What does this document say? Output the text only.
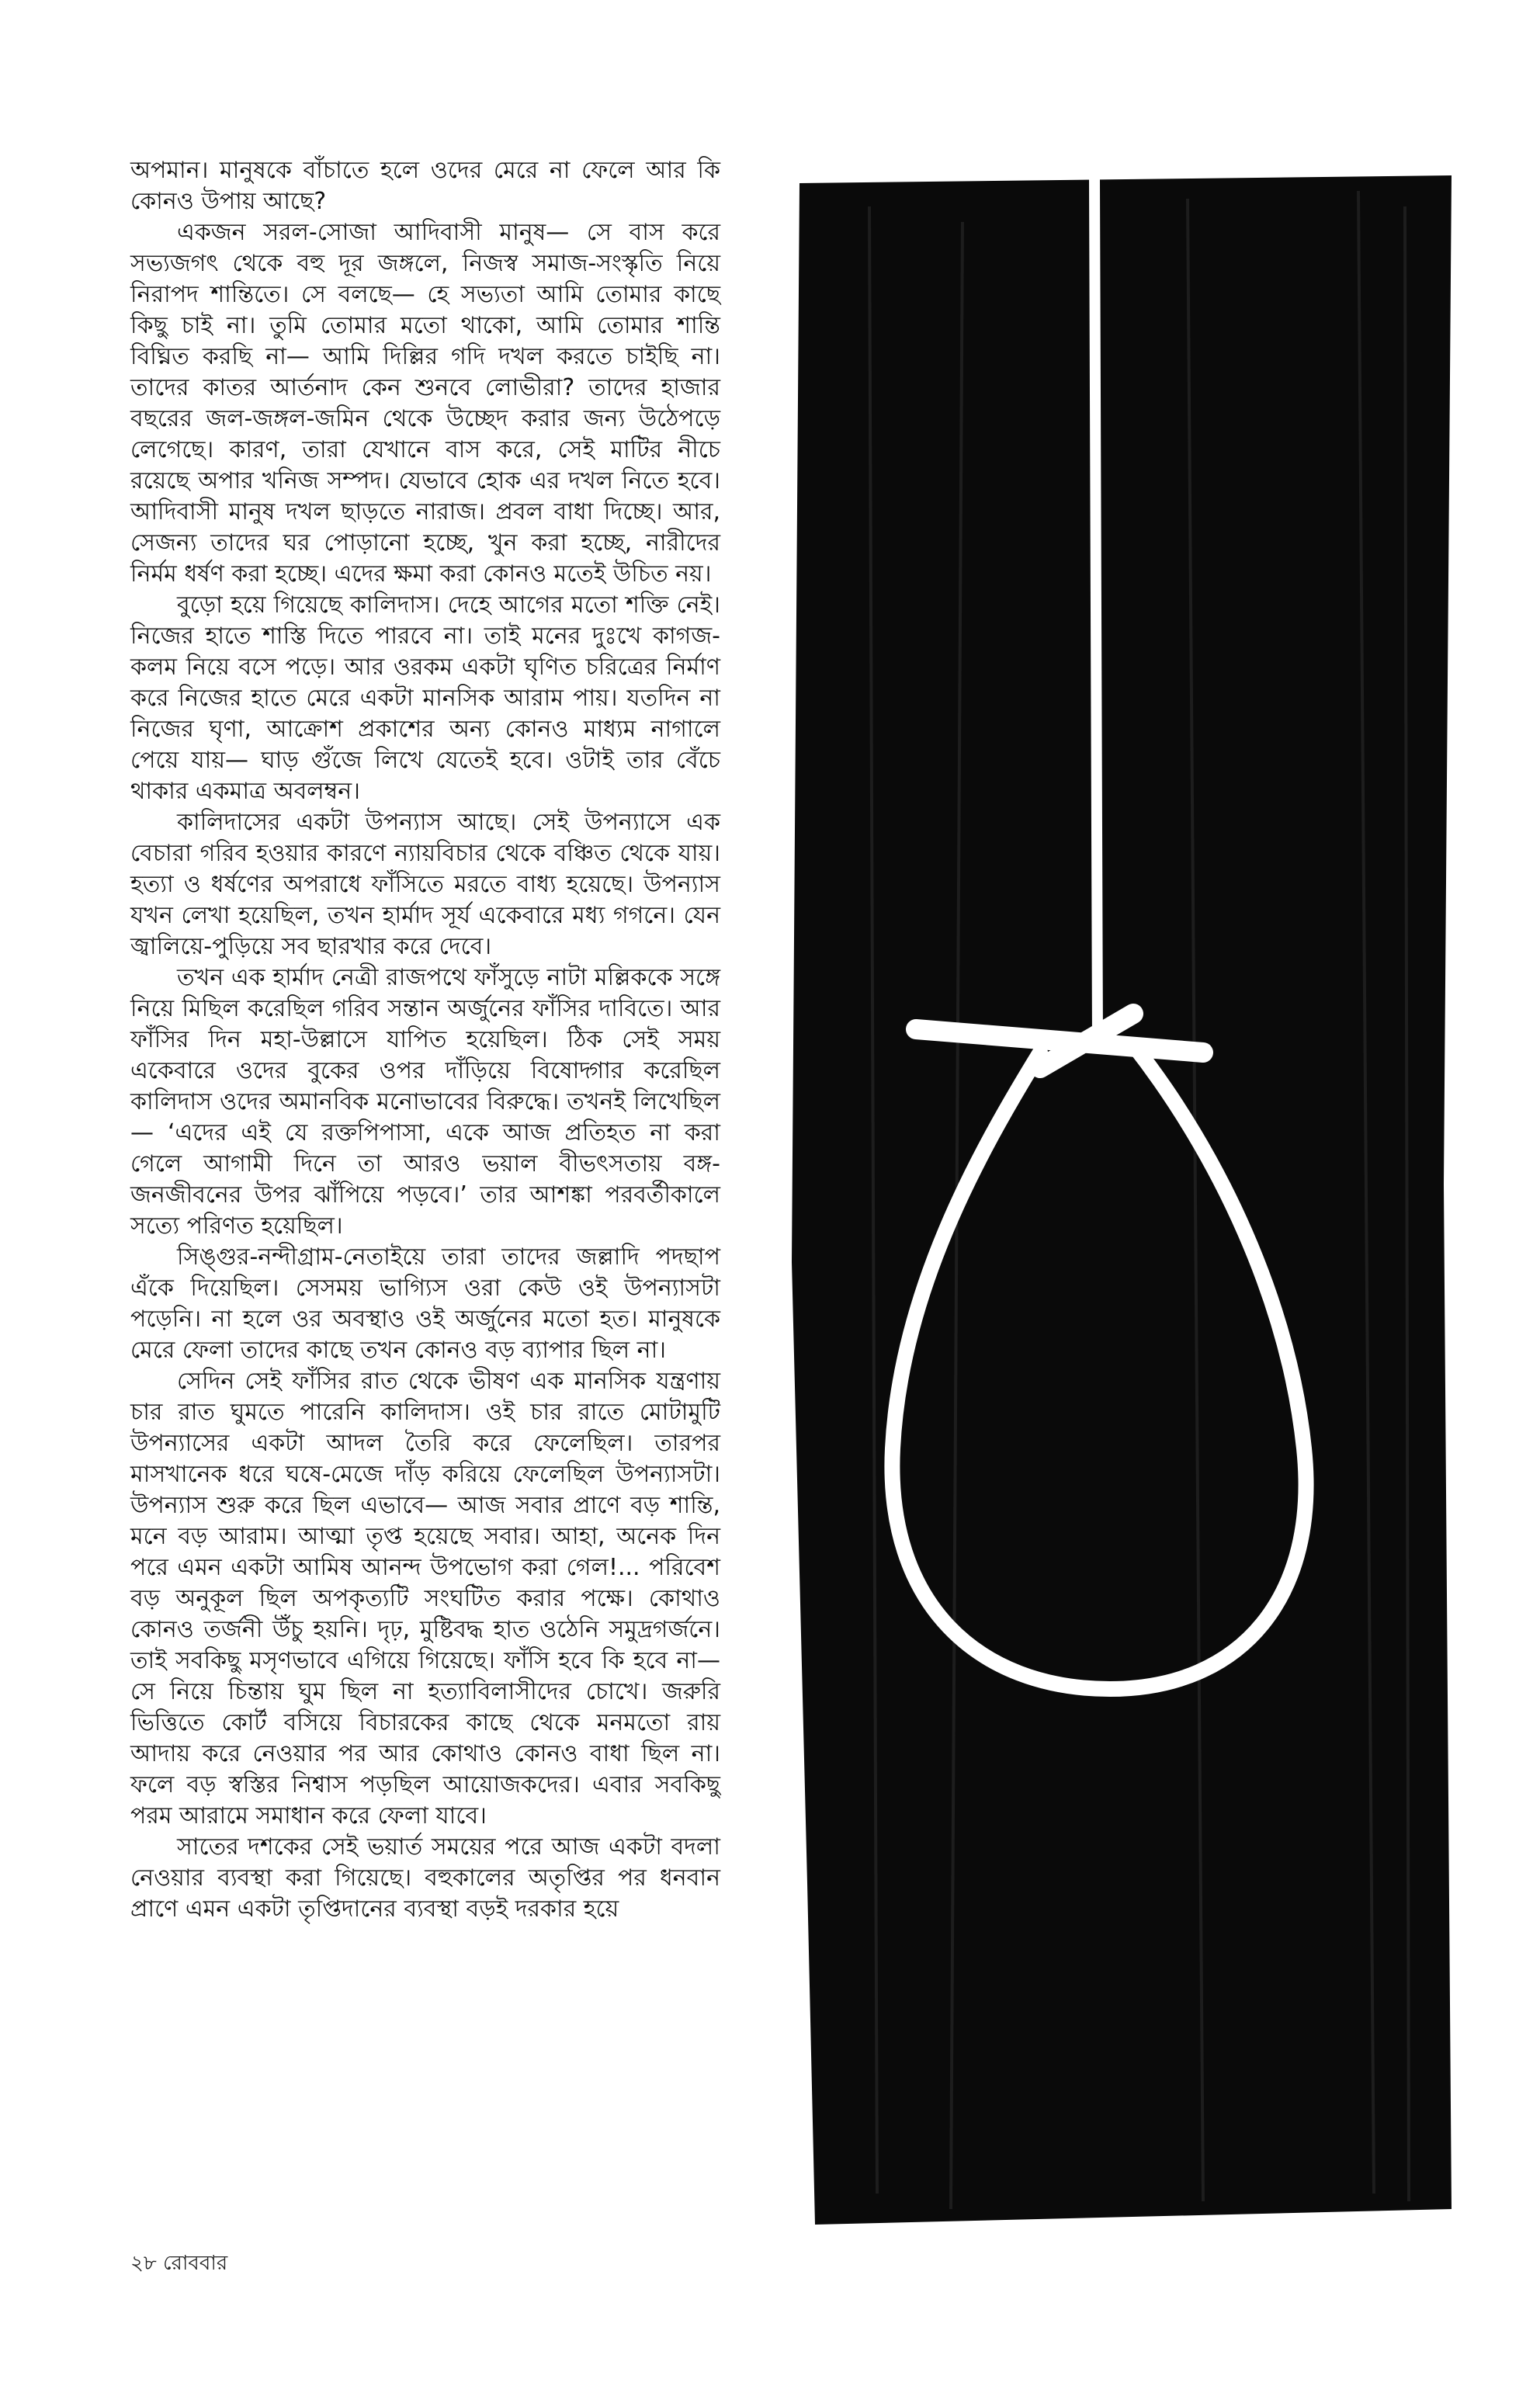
অপমান। মানুষকে বাঁচাতে হলে ওদের মেরে না ফেলে আর কি কোনও উপায় আছে?

একজন সরল-সোজা আদিবাসী মানুষ— সে বাস করে সভ্যজগৎ থেকে বহু দূর জঙ্গলে, নিজস্ব সমাজ-সংস্কৃতি নিয়ে নিরাপদ শান্তিতে। সে বলছে— হে সভ্যতা আমি তোমার কাছে কিছু চাই না। তুমি তোমার মতো থাকো, আমি তোমার শান্তি বিঘ্নিত করছি না— আমি দিল্লির গদি দখল করতে চাইছি না। তাদের কাতর আর্তনাদ কেন শুনবে লোভীরা? তাদের হাজার বছরের জল-জঙ্গল-জমিন থেকে উচ্ছেদ করার জন্য উঠেপড়ে লেগেছে। কারণ, তারা যেখানে বাস করে, সেই মাটির নীচে রয়েছে অপার খনিজ সম্পদ। যেভাবে হোক এর দখল নিতে হবে। আদিবাসী মানুষ দখল ছাড়তে নারাজ। প্রবল বাধা দিচ্ছে। আর, সেজন্য তাদের ঘর পোড়ানো হচ্ছে, খুন করা হচ্ছে, নারীদের নির্মম ধর্ষণ করা হচ্ছে। এদের ক্ষমা করা কোনও মতেই উচিত নয়।

বুড়ো হয়ে গিয়েছে কালিদাস। দেহে আগের মতো শক্তি নেই। নিজের হাতে শাস্তি দিতে পারবে না। তাই মনের দুঃখে কাগজ-কলম নিয়ে বসে পড়ে। আর ওরকম একটা ঘৃণিত চরিত্রের নির্মাণ করে নিজের হাতে মেরে একটা মানসিক আরাম পায়। যতদিন না নিজের ঘৃণা, আক্রোশ প্রকাশের অন্য কোনও মাধ্যম নাগালে পেয়ে যায়— ঘাড় গুঁজে লিখে যেতেই হবে। ওটাই তার বেঁচে থাকার একমাত্র অবলম্বন।

কালিদাসের একটা উপন্যাস আছে। সেই উপন্যাসে এক বেচারা গরিব হওয়ার কারণে ন্যায়বিচার থেকে বঞ্চিত থেকে যায়। হত্যা ও ধর্ষণের অপরাধে ফাঁসিতে মরতে বাধ্য হয়েছে। উপন্যাস যখন লেখা হয়েছিল, তখন হার্মাদ সূর্য একেবারে মধ্য গগনে। যেন জ্বালিয়ে-পুড়িয়ে সব ছারখার করে দেবে।

তখন এক হার্মাদ নেত্রী রাজপথে ফাঁসুড়ে নাটা মল্লিককে সঙ্গে নিয়ে মিছিল করেছিল গরিব সন্তান অর্জুনের ফাঁসির দাবিতে। আর ফাঁসির দিন মহা-উল্লাসে যাপিত হয়েছিল। ঠিক সেই সময় একেবারে ওদের বুকের ওপর দাঁড়িয়ে বিষোদ্গার করেছিল কালিদাস ওদের অমানবিক মনোভাবের বিরুদ্ধে। তখনই লিখেছিল— ‘এদের এই যে রক্তপিপাসা, একে আজ প্রতিহত না করা গেলে আগামী দিনে তা আরও ভয়াল বীভৎসতায় বঙ্গ-জনজীবনের উপর ঝাঁপিয়ে পড়বে।’ তার আশঙ্কা পরবর্তীকালে সত্যে পরিণত হয়েছিল।

সিঙ্গুর-নন্দীগ্রাম-নেতাইয়ে তারা তাদের জল্লাদি পদছাপ এঁকে দিয়েছিল। সেসময় ভাগ্যিস ওরা কেউ ওই উপন্যাসটা পড়েনি। না হলে ওর অবস্থাও ওই অর্জুনের মতো হত। মানুষকে মেরে ফেলা তাদের কাছে তখন কোনও বড় ব্যাপার ছিল না।

সেদিন সেই ফাঁসির রাত থেকে ভীষণ এক মানসিক যন্ত্রণায় চার রাত ঘুমতে পারেনি কালিদাস। ওই চার রাতে মোটামুটি উপন্যাসের একটা আদল তৈরি করে ফেলেছিল। তারপর মাসখানেক ধরে ঘষে-মেজে দাঁড় করিয়ে ফেলেছিল উপন্যাসটা। উপন্যাস শুরু করে ছিল এভাবে— আজ সবার প্রাণে বড় শান্তি, মনে বড় আরাম। আত্মা তৃপ্ত হয়েছে সবার। আহা, অনেক দিন পরে এমন একটা আমিষ আনন্দ উপভোগ করা গেল!... পরিবেশ বড় অনুকূল ছিল অপকৃত্যটি সংঘটিত করার পক্ষে। কোথাও কোনও তর্জনী উঁচু হয়নি। দৃঢ়, মুষ্টিবদ্ধ হাত ওঠেনি সমুদ্রগর্জনে। তাই সবকিছু মসৃণভাবে এগিয়ে গিয়েছে। ফাঁসি হবে কি হবে না— সে নিয়ে চিন্তায় ঘুম ছিল না হত্যাবিলাসীদের চোখে। জরুরি ভিত্তিতে কোর্ট বসিয়ে বিচারকের কাছে থেকে মনমতো রায় আদায় করে নেওয়ার পর আর কোথাও কোনও বাধা ছিল না। ফলে বড় স্বস্তির নিশ্বাস পড়ছিল আয়োজকদের। এবার সবকিছু পরম আরামে সমাধান করে ফেলা যাবে।

সাতের দশকের সেই ভয়ার্ত সময়ের পরে আজ একটা বদলা নেওয়ার ব্যবস্থা করা গিয়েছে। বহুকালের অতৃপ্তির পর ধনবান প্রাণে এমন একটা তৃপ্তিদানের ব্যবস্থা বড়ই দরকার হয়ে

২৮ রোববার
